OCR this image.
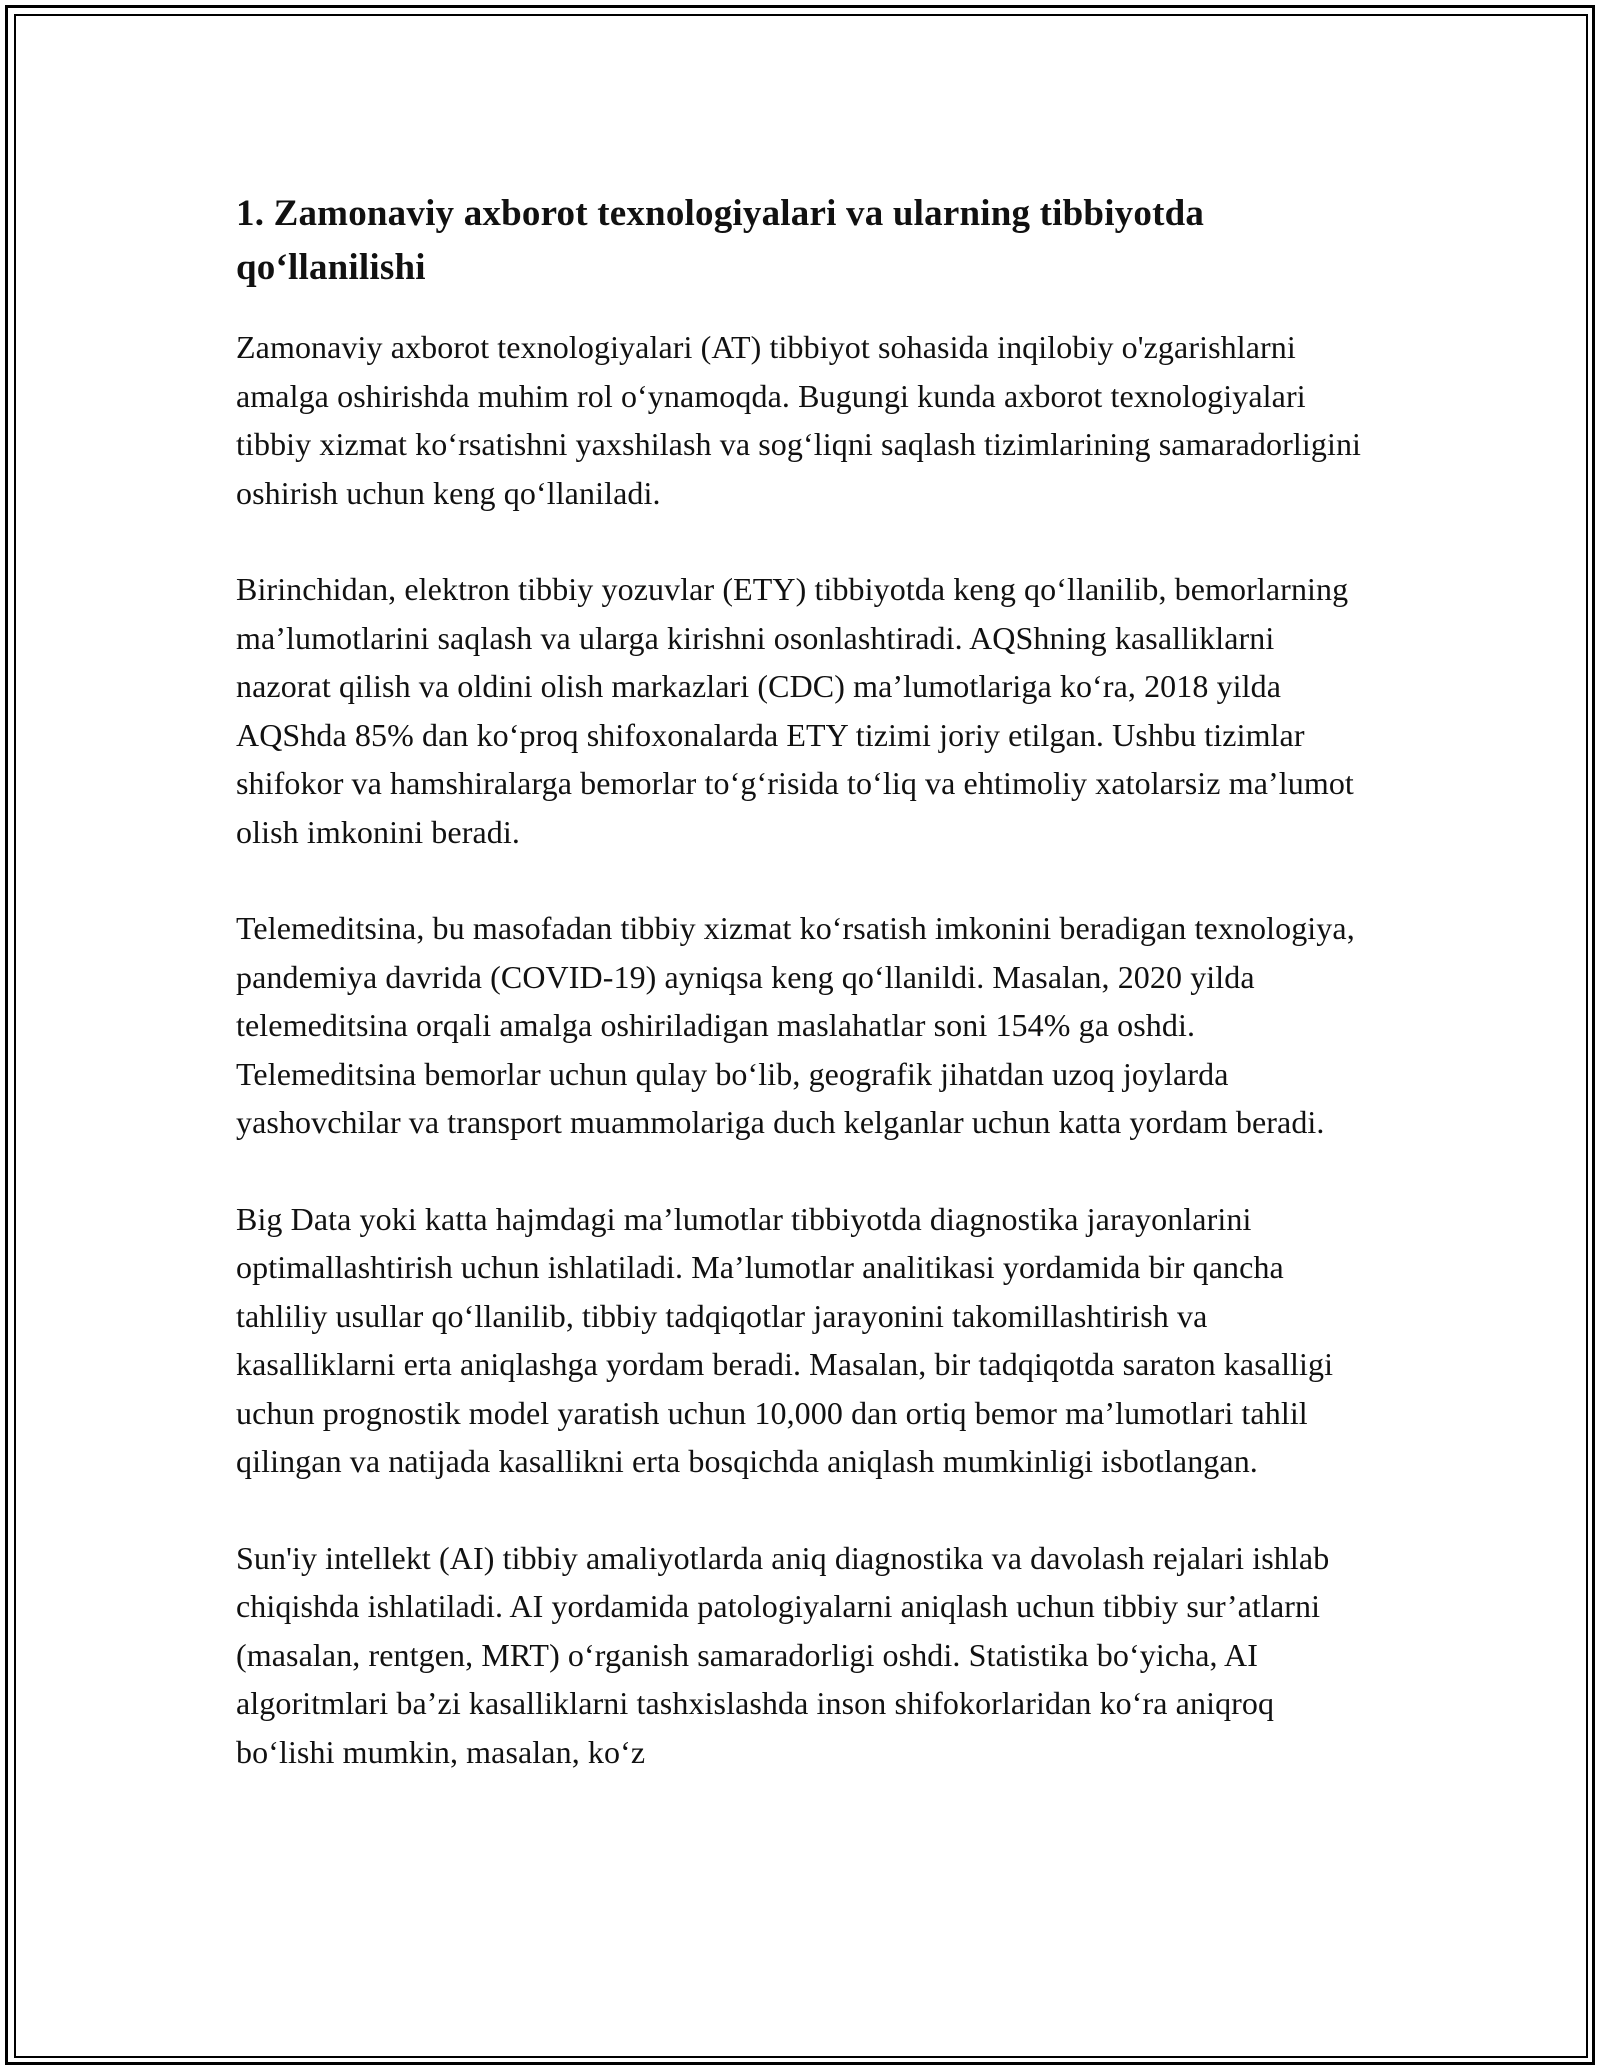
1. Zamonaviy axborot texnologiyalari va ularning tibbiyotda qo‘llanilishi

Zamonaviy axborot texnologiyalari (AT) tibbiyot sohasida inqilobiy o'zgarishlarni amalga oshirishda muhim rol o‘ynamoqda. Bugungi kunda axborot texnologiyalari tibbiy xizmat ko‘rsatishni yaxshilash va sog‘liqni saqlash tizimlarining samaradorligini oshirish uchun keng qo‘llaniladi.

Birinchidan, elektron tibbiy yozuvlar (ETY) tibbiyotda keng qo‘llanilib, bemorlarning ma’lumotlarini saqlash va ularga kirishni osonlashtiradi. AQShning kasalliklarni nazorat qilish va oldini olish markazlari (CDC) ma’lumotlariga ko‘ra, 2018 yilda AQShda 85% dan ko‘proq shifoxonalarda ETY tizimi joriy etilgan. Ushbu tizimlar shifokor va hamshiralarga bemorlar to‘g‘risida to‘liq va ehtimoliy xatolarsiz ma’lumot olish imkonini beradi.

Telemeditsina, bu masofadan tibbiy xizmat ko‘rsatish imkonini beradigan texnologiya, pandemiya davrida (COVID-19) ayniqsa keng qo‘llanildi. Masalan, 2020 yilda telemeditsina orqali amalga oshiriladigan maslahatlar soni 154% ga oshdi. Telemeditsina bemorlar uchun qulay bo‘lib, geografik jihatdan uzoq joylarda yashovchilar va transport muammolariga duch kelganlar uchun katta yordam beradi.

Big Data yoki katta hajmdagi ma’lumotlar tibbiyotda diagnostika jarayonlarini optimallashtirish uchun ishlatiladi. Ma’lumotlar analitikasi yordamida bir qancha tahliliy usullar qo‘llanilib, tibbiy tadqiqotlar jarayonini takomillashtirish va kasalliklarni erta aniqlashga yordam beradi. Masalan, bir tadqiqotda saraton kasalligi uchun prognostik model yaratish uchun 10,000 dan ortiq bemor ma’lumotlari tahlil qilingan va natijada kasallikni erta bosqichda aniqlash mumkinligi isbotlangan.

Sun'iy intellekt (AI) tibbiy amaliyotlarda aniq diagnostika va davolash rejalari ishlab chiqishda ishlatiladi. AI yordamida patologiyalarni aniqlash uchun tibbiy sur’atlarni (masalan, rentgen, MRT) o‘rganish samaradorligi oshdi. Statistika bo‘yicha, AI algoritmlari ba’zi kasalliklarni tashxislashda inson shifokorlaridan ko‘ra aniqroq bo‘lishi mumkin, masalan, ko‘z
